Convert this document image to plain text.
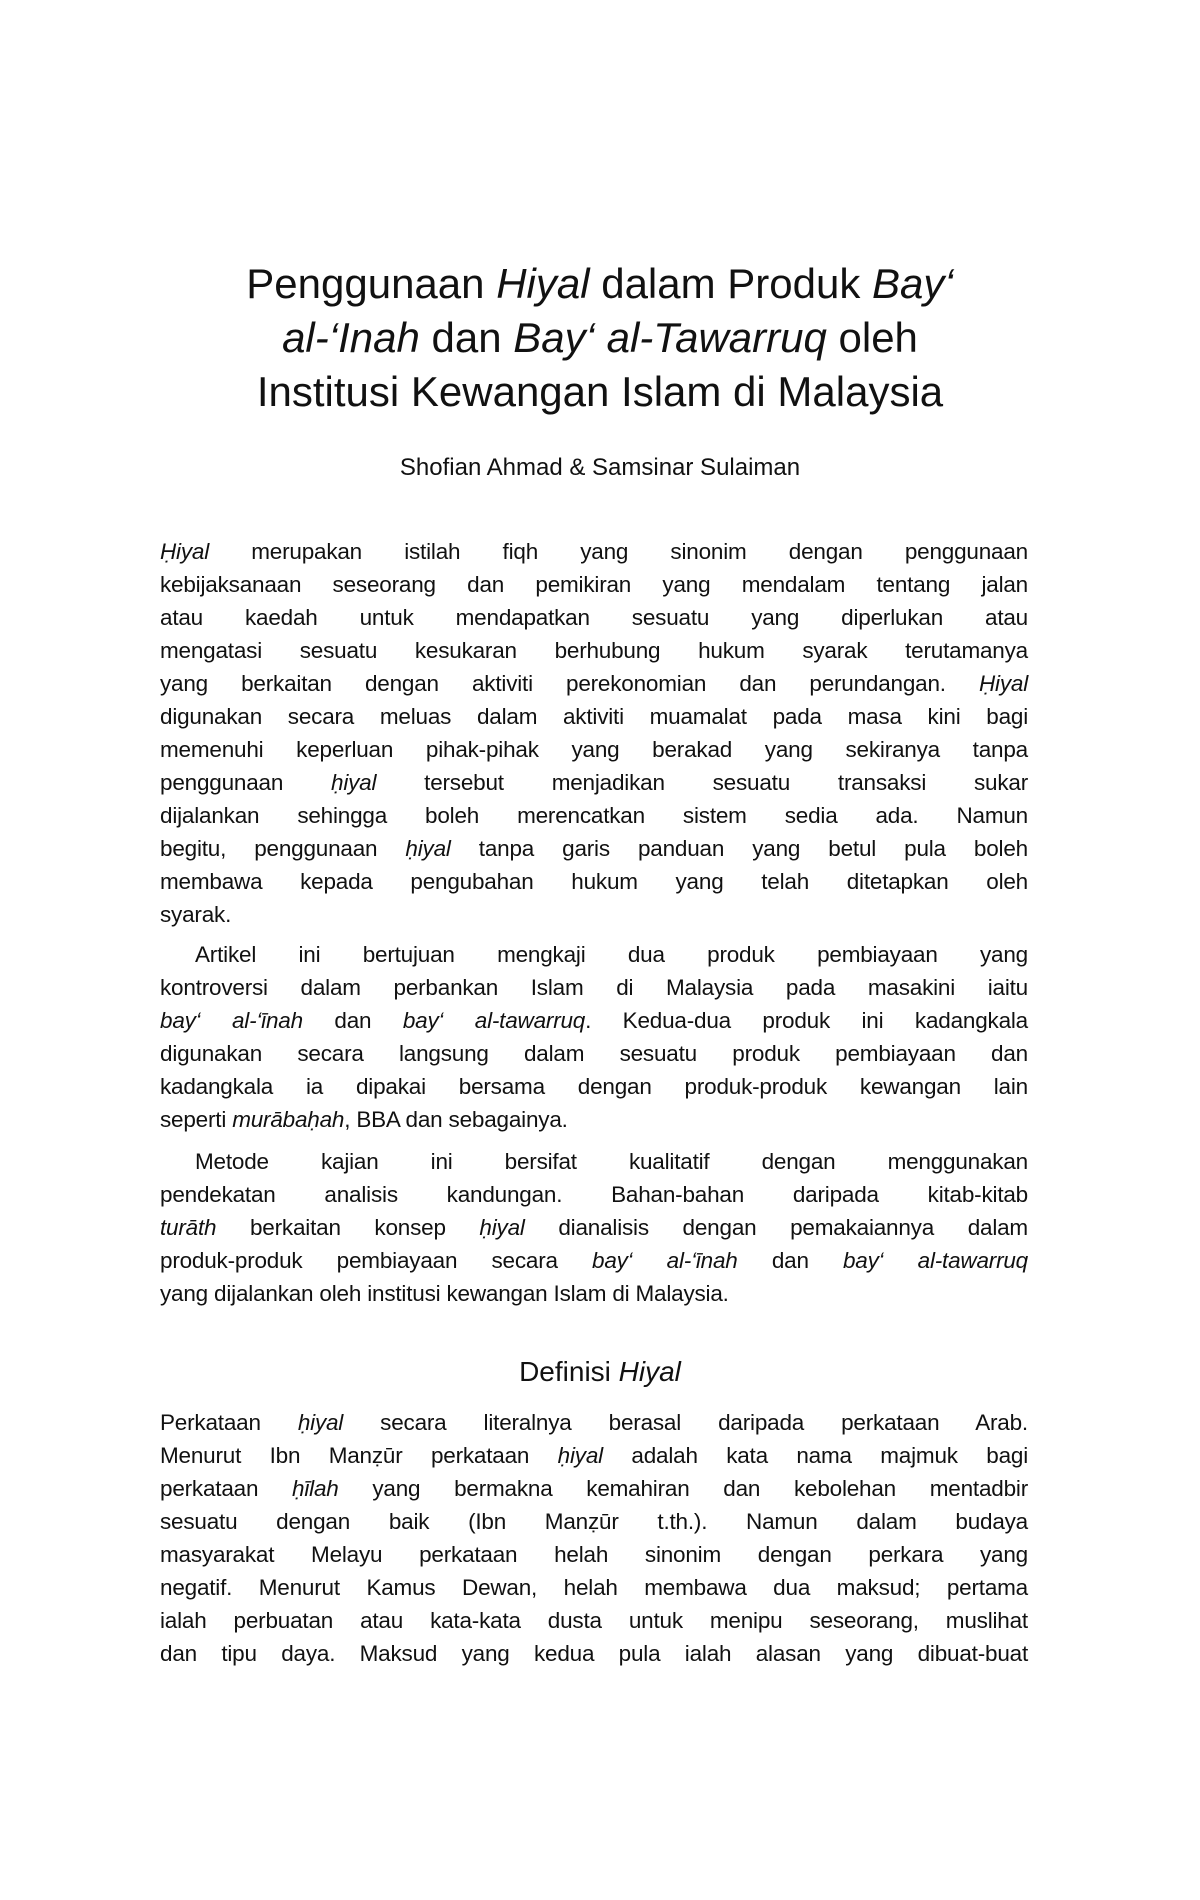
Penggunaan Hiyal dalam Produk Bay‘
al-‘Inah dan Bay‘ al-Tawarruq oleh
Institusi Kewangan Islam di Malaysia
Shofian Ahmad & Samsinar Sulaiman
Ḥiyal merupakan istilah fiqh yang sinonim dengan penggunaan
kebijaksanaan seseorang dan pemikiran yang mendalam tentang jalan
atau kaedah untuk mendapatkan sesuatu yang diperlukan atau
mengatasi sesuatu kesukaran berhubung hukum syarak terutamanya
yang berkaitan dengan aktiviti perekonomian dan perundangan. Ḥiyal
digunakan secara meluas dalam aktiviti muamalat pada masa kini bagi
memenuhi keperluan pihak-pihak yang berakad yang sekiranya tanpa
penggunaan ḥiyal tersebut menjadikan sesuatu transaksi sukar
dijalankan sehingga boleh merencatkan sistem sedia ada. Namun
begitu, penggunaan ḥiyal tanpa garis panduan yang betul pula boleh
membawa kepada pengubahan hukum yang telah ditetapkan oleh
syarak.
Artikel ini bertujuan mengkaji dua produk pembiayaan yang
kontroversi dalam perbankan Islam di Malaysia pada masakini iaitu
bay‘ al-‘īnah dan bay‘ al-tawarruq. Kedua-dua produk ini kadangkala
digunakan secara langsung dalam sesuatu produk pembiayaan dan
kadangkala ia dipakai bersama dengan produk-produk kewangan lain
seperti murābaḥah, BBA dan sebagainya.
Metode kajian ini bersifat kualitatif dengan menggunakan
pendekatan analisis kandungan. Bahan-bahan daripada kitab-kitab
turāth berkaitan konsep ḥiyal dianalisis dengan pemakaiannya dalam
produk-produk pembiayaan secara bay‘ al-‘īnah dan bay‘ al-tawarruq
yang dijalankan oleh institusi kewangan Islam di Malaysia.
Definisi Hiyal
Perkataan ḥiyal secara literalnya berasal daripada perkataan Arab.
Menurut Ibn Manẓūr perkataan ḥiyal adalah kata nama majmuk bagi
perkataan ḥīlah yang bermakna kemahiran dan kebolehan mentadbir
sesuatu dengan baik (Ibn Manẓūr t.th.). Namun dalam budaya
masyarakat Melayu perkataan helah sinonim dengan perkara yang
negatif. Menurut Kamus Dewan, helah membawa dua maksud; pertama
ialah perbuatan atau kata-kata dusta untuk menipu seseorang, muslihat
dan tipu daya. Maksud yang kedua pula ialah alasan yang dibuat-buat
